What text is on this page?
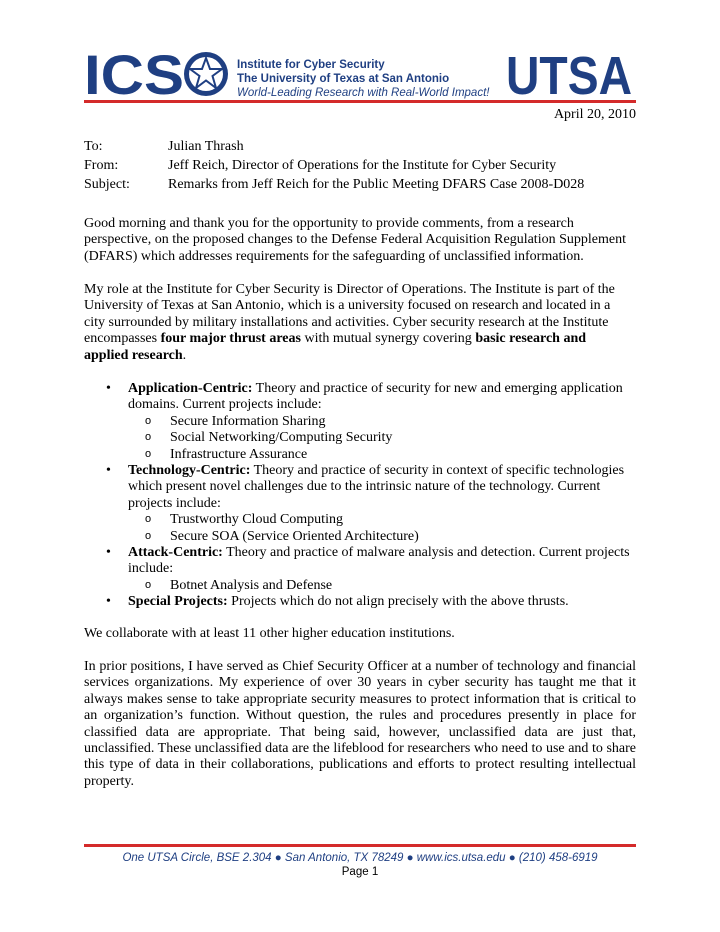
ICS	Institute for Cyber Security
The University of Texas at San Antonio
World-Leading Research with Real-World Impact! UTSA
April 20, 2010
To:	Julian Thrash
From:	Jeff Reich, Director of Operations for the Institute for Cyber Security
Subject:	Remarks from Jeff Reich for the Public Meeting DFARS Case 2008-D028
Good morning and thank you for the opportunity to provide comments, from a research
perspective, on the proposed changes to the Defense Federal Acquisition Regulation Supplement
(DFARS) which addresses requirements for the safeguarding of unclassified information.
My role at the Institute for Cyber Security is Director of Operations. The Institute is part of the
University of Texas at San Antonio, which is a university focused on research and located in a
city surrounded by military installations and activities. Cyber security research at the Institute
encompasses four major thrust areas with mutual synergy covering basic research and
applied research.
• Application-Centric: Theory and practice of security for new and emerging application
domains. Current projects include:
o Secure Information Sharing
o Social Networking/Computing Security
o Infrastructure Assurance
• Technology-Centric: Theory and practice of security in context of specific technologies
which present novel challenges due to the intrinsic nature of the technology. Current
projects include:
o Trustworthy Cloud Computing
o Secure SOA (Service Oriented Architecture)
• Attack-Centric: Theory and practice of malware analysis and detection. Current projects
include:
o Botnet Analysis and Defense
• Special Projects: Projects which do not align precisely with the above thrusts.
We collaborate with at least 11 other higher education institutions.
In prior positions, I have served as Chief Security Officer at a number of technology and financial services organizations. My experience of over 30 years in cyber security has taught me that it always makes sense to take appropriate security measures to protect information that is critical to an organization’s function. Without question, the rules and procedures presently in place for classified data are appropriate. That being said, however, unclassified data are just that, unclassified. These unclassified data are the lifeblood for researchers who need to use and to share this type of data in their collaborations, publications and efforts to protect resulting intellectual property.
One UTSA Circle, BSE 2.304 ● San Antonio, TX 78249 ● www.ics.utsa.edu ● (210) 458-6919
Page 1
